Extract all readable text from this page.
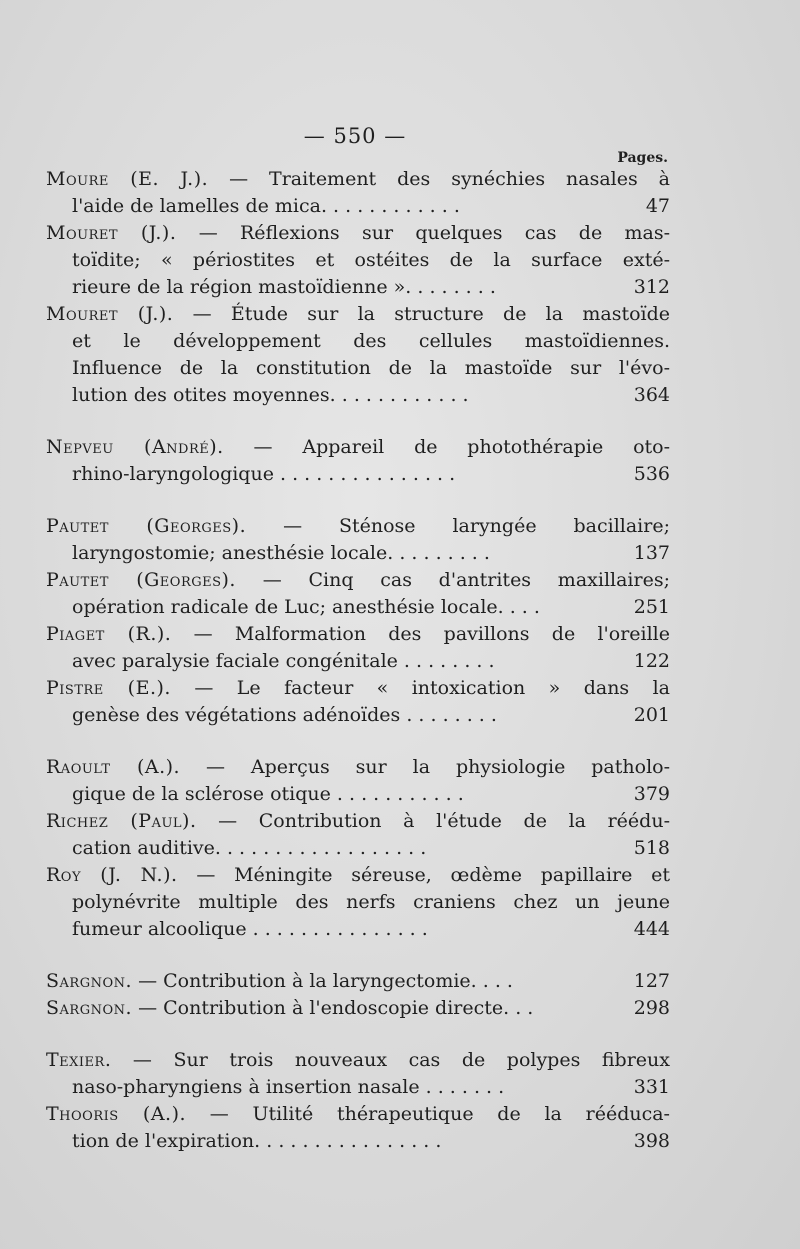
— 550 —
Pages.
Moure (E. J.). — Traitement des synéchies nasales à
l'aide de lamelles de mica. . . . . . . . . . . .	47
Mouret (J.). — Réflexions sur quelques cas de mas-
toïdite; « périostites et ostéites de la surface exté-
rieure de la région mastoïdienne ». . . . . . . .	312
Mouret (J.). — Étude sur la structure de la mastoïde
et le développement des cellules mastoïdiennes.
Influence de la constitution de la mastoïde sur l'évo-
lution des otites moyennes. . . . . . . . . . . .	364
Nepveu (André). — Appareil de photothérapie oto-
rhino-laryngologique . . . . . . . . . . . . . . .	536
Pautet (Georges). — Sténose laryngée bacillaire;
laryngostomie; anesthésie locale. . . . . . . . .	137
Pautet (Georges). — Cinq cas d'antrites maxillaires;
opération radicale de Luc; anesthésie locale. . . .	251
Piaget (R.). — Malformation des pavillons de l'oreille
avec paralysie faciale congénitale . . . . . . . .	122
Pistre (E.). — Le facteur « intoxication » dans la
genèse des végétations adénoïdes . . . . . . . .	201
Raoult (A.). — Aperçus sur la physiologie patholo-
gique de la sclérose otique . . . . . . . . . . .	379
Richez (Paul). — Contribution à l'étude de la réédu-
cation auditive. . . . . . . . . . . . . . . . . .	518
Roy (J. N.). — Méningite séreuse, œdème papillaire et
polynévrite multiple des nerfs craniens chez un jeune
fumeur alcoolique . . . . . . . . . . . . . . .	444
Sargnon. — Contribution à la laryngectomie. . . .	127
Sargnon. — Contribution à l'endoscopie directe. . .	298
Texier. — Sur trois nouveaux cas de polypes fibreux
naso-pharyngiens à insertion nasale . . . . . . .	331
Thooris (A.). — Utilité thérapeutique de la rééduca-
tion de l'expiration. . . . . . . . . . . . . . . .	398
